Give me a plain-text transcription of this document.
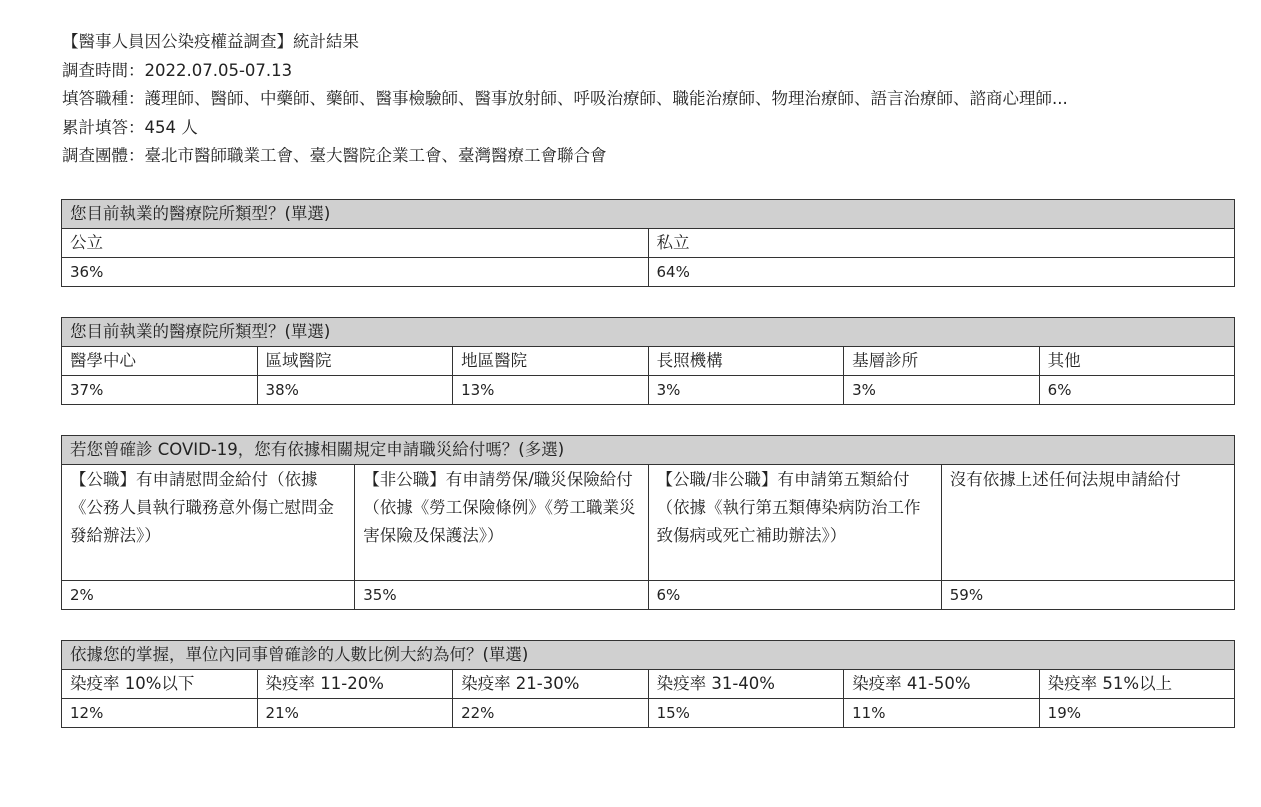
【醫事人員因公染疫權益調查】統計結果
調查時間：2022.07.05-07.13
填答職種：護理師、醫師、中藥師、藥師、醫事檢驗師、醫事放射師、呼吸治療師、職能治療師、物理治療師、語言治療師、諮商心理師...
累計填答：454 人
調查團體：臺北市醫師職業工會、臺大醫院企業工會、臺灣醫療工會聯合會
您目前執業的醫療院所類型？(單選)	
公立	私立
36%	64%
您目前執業的醫療院所類型？(單選)					
醫學中心	區域醫院	地區醫院	長照機構	基層診所	其他
37%	38%	13%	3%	3%	6%
若您曾確診 COVID-19，您有依據相關規定申請職災給付嗎？(多選)			
【公職】有申請慰問金給付（依據《公務人員執行職務意外傷亡慰問金發給辦法》）	【非公職】有申請勞保/職災保險給付（依據《勞工保險條例》《勞工職業災害保險及保護法》）	【公職/非公職】有申請第五類給付（依據《執行第五類傳染病防治工作致傷病或死亡補助辦法》）	沒有依據上述任何法規申請給付
2%	35%	6%	59%
依據您的掌握，單位內同事曾確診的人數比例大約為何？(單選)					
染疫率 10%以下	染疫率 11-20%	染疫率 21-30%	染疫率 31-40%	染疫率 41-50%	染疫率 51%以上
12%	21%	22%	15%	11%	19%
